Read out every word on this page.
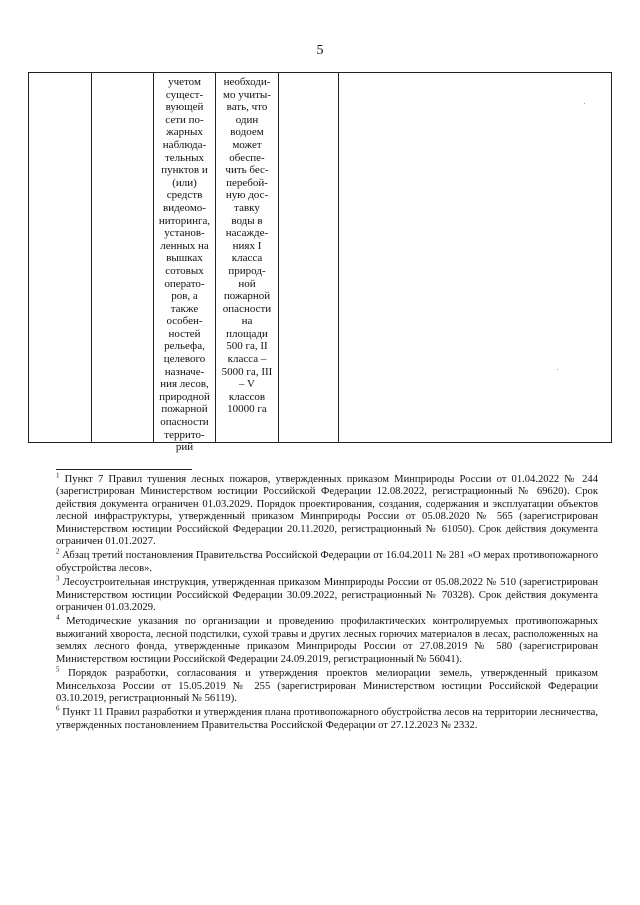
5
учетом
сущест-
вующей
сети по-
жарных
наблюда-
тельных
пунктов и
(или)
средств
видеомо-
ниторинга,
установ-
ленных на
вышках
сотовых
операто-
ров, а
также
особен-
ностей
рельефа,
целевого
назначе-
ния лесов,
природной
пожарной
опасности
террито-
рий
необходи-
мо учиты-
вать, что
один
водоем
может
обеспе-
чить бес-
перебой-
ную дос-
тавку
воды в
насажде-
ниях I
класса
природ-
ной
пожарной
опасности
на
площади
500 га, II
класса –
5000 га, III
– V
классов
10000 га
$^1$ Пункт 7 Правил тушения лесных пожаров, утвержденных приказом Минприроды России от 01.04.2022 № 244 (зарегистрирован Министерством юстиции Российской Федерации 12.08.2022, регистрационный № 69620). Срок действия документа ограничен 01.03.2029. Порядок проектирования, создания, содержания и эксплуатации объектов лесной инфраструктуры, утвержденный приказом Минприроды России от 05.08.2020 № 565 (зарегистрирован Министерством юстиции Российской Федерации 20.11.2020, регистрационный № 61050). Срок действия документа ограничен 01.01.2027.
$^2$ Абзац третий постановления Правительства Российской Федерации от 16.04.2011 № 281 «О мерах противопожарного обустройства лесов».
$^3$ Лесоустроительная инструкция, утвержденная приказом Минприроды России от 05.08.2022 № 510 (зарегистрирован Министерством юстиции Российской Федерации 30.09.2022, регистрационный № 70328). Срок действия документа ограничен 01.03.2029.
$^4$ Методические указания по организации и проведению профилактических контролируемых противопожарных выжиганий хвороста, лесной подстилки, сухой травы и других лесных горючих материалов в лесах, расположенных на землях лесного фонда, утвержденные приказом Минприроды России от 27.08.2019 № 580 (зарегистрирован Министерством юстиции Российской Федерации 24.09.2019, регистрационный № 56041).
$^5$ Порядок разработки, согласования и утверждения проектов мелиорации земель, утвержденный приказом Минсельхоза России от 15.05.2019 № 255 (зарегистрирован Министерством юстиции Российской Федерации 03.10.2019, регистрационный № 56119).
$^6$ Пункт 11 Правил разработки и утверждения плана противопожарного обустройства лесов на территории лесничества, утвержденных постановлением Правительства Российской Федерации от 27.12.2023 № 2332.
